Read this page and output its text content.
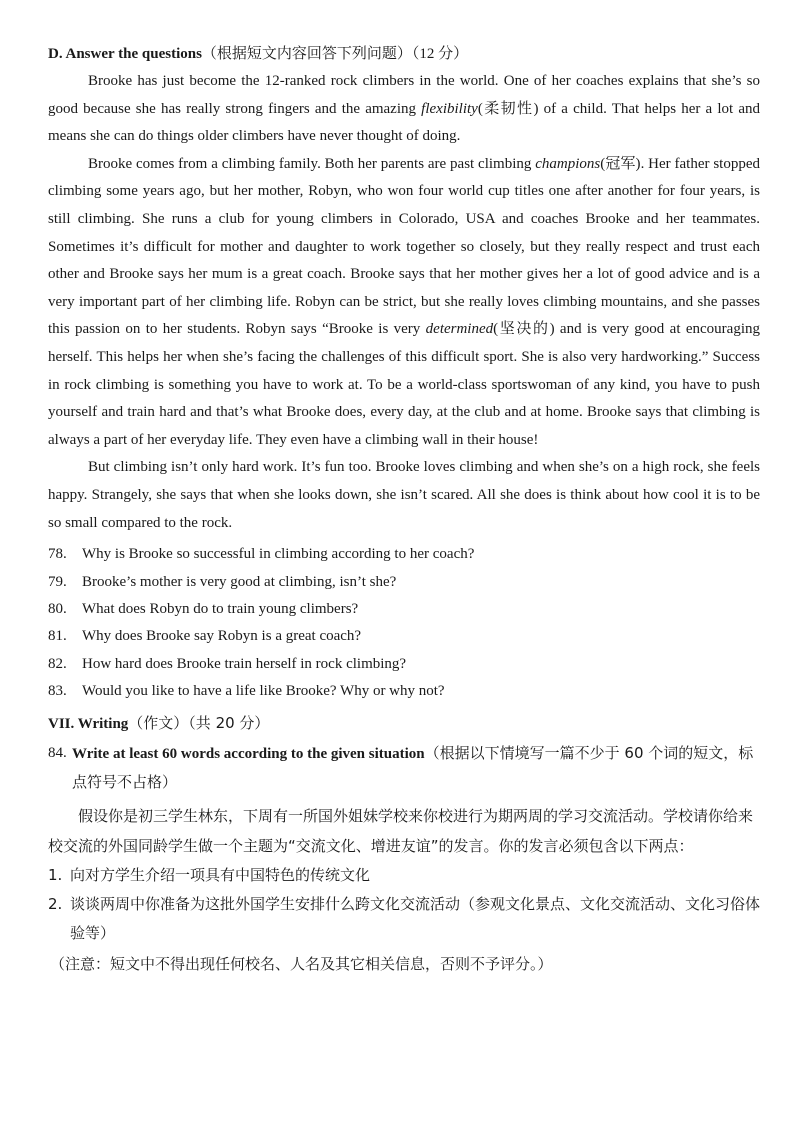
D. Answer the questions（根据短文内容回答下列问题）（12 分）

Brooke has just become the 12-ranked rock climbers in the world. One of her coaches explains that she’s so good because she has really strong fingers and the amazing flexibility(柔韧性) of a child. That helps her a lot and means she can do things older climbers have never thought of doing.

Brooke comes from a climbing family. Both her parents are past climbing champions(冠军). Her father stopped climbing some years ago, but her mother, Robyn, who won four world cup titles one after another for four years, is still climbing. She runs a club for young climbers in Colorado, USA and coaches Brooke and her teammates. Sometimes it’s difficult for mother and daughter to work together so closely, but they really respect and trust each other and Brooke says her mum is a great coach. Brooke says that her mother gives her a lot of good advice and is a very important part of her climbing life. Robyn can be strict, but she really loves climbing mountains, and she passes this passion on to her students. Robyn says “Brooke is very determined(坚决的) and is very good at encouraging herself. This helps her when she’s facing the challenges of this difficult sport. She is also very hardworking.” Success in rock climbing is something you have to work at. To be a world-class sportswoman of any kind, you have to push yourself and train hard and that’s what Brooke does, every day, at the club and at home. Brooke says that climbing is always a part of her everyday life. They even have a climbing wall in their house!

But climbing isn’t only hard work. It’s fun too. Brooke loves climbing and when she’s on a high rock, she feels happy. Strangely, she says that when she looks down, she isn’t scared. All she does is think about how cool it is to be so small compared to the rock.

78.	Why is Brooke so successful in climbing according to her coach?
79.	Brooke’s mother is very good at climbing, isn’t she?
80.	What does Robyn do to train young climbers?
81.	Why does Brooke say Robyn is a great coach?
82.	How hard does Brooke train herself in rock climbing?
83.	Would you like to have a life like Brooke? Why or why not?
VII. Writing（作文）（共 20 分）
84. Write at least 60 words according to the given situation（根据以下情境写一篇不少于 60 个词的短文，标点符号不占格）
假设你是初三学生林东，下周有一所国外姐妹学校来你校进行为期两周的学习交流活动。学校请你给来校交流的外国同龄学生做一个主题为“交流文化、增进友谊”的发言。你的发言必须包含以下两点：
1. 向对方学生介绍一项具有中国特色的传统文化
2. 谈谈两周中你准备为这批外国学生安排什么跨文化交流活动（参观文化景点、文化交流活动、文化习俗体验等）
（注意：短文中不得出现任何校名、人名及其它相关信息，否则不予评分。）
